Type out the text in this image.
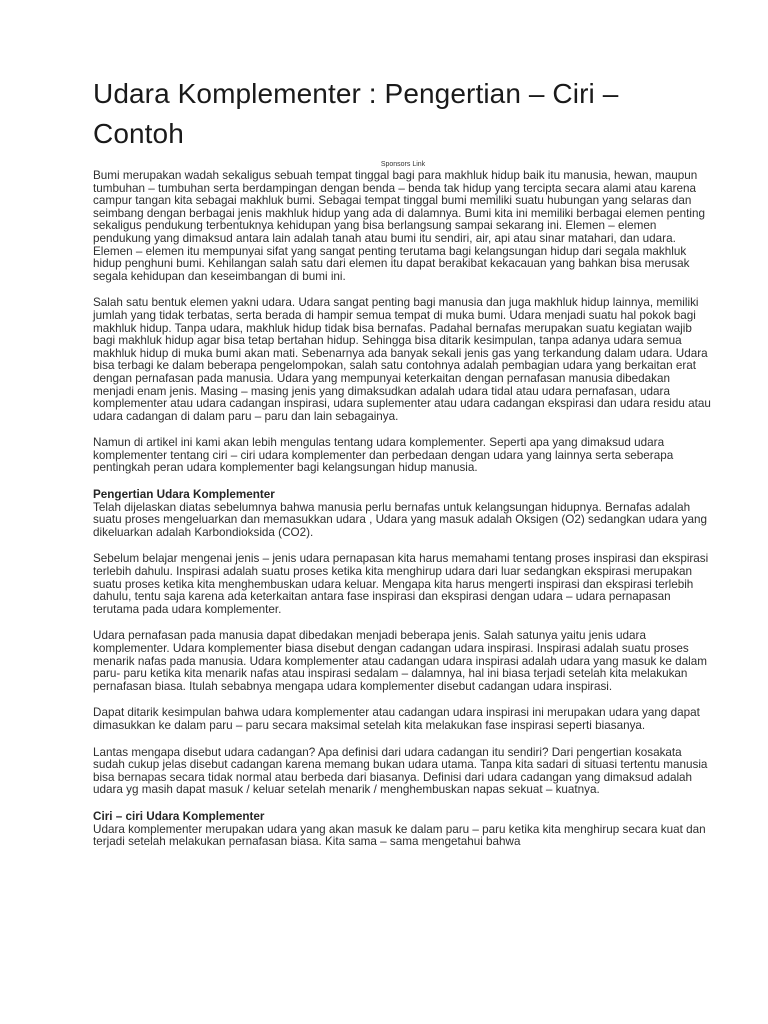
Udara Komplementer : Pengertian – Ciri – Contoh
Sponsors Link

Bumi merupakan wadah sekaligus sebuah tempat tinggal bagi para makhluk hidup baik itu manusia, hewan, maupun tumbuhan – tumbuhan serta berdampingan dengan benda – benda tak hidup yang tercipta secara alami atau karena campur tangan kita sebagai makhluk bumi. Sebagai tempat tinggal bumi memiliki suatu hubungan yang selaras dan seimbang dengan berbagai jenis makhluk hidup yang ada di dalamnya. Bumi kita ini memiliki berbagai elemen penting sekaligus pendukung terbentuknya kehidupan yang bisa berlangsung sampai sekarang ini. Elemen – elemen pendukung yang dimaksud antara lain adalah tanah atau bumi itu sendiri, air, api atau sinar matahari, dan udara. Elemen – elemen itu mempunyai sifat yang sangat penting terutama bagi kelangsungan hidup dari segala makhluk hidup penghuni bumi. Kehilangan salah satu dari elemen itu dapat berakibat kekacauan yang bahkan bisa merusak segala kehidupan dan keseimbangan di bumi ini.

Salah satu bentuk elemen yakni udara. Udara sangat penting bagi manusia dan juga makhluk hidup lainnya, memiliki jumlah yang tidak terbatas, serta berada di hampir semua tempat di muka bumi. Udara menjadi suatu hal pokok bagi makhluk hidup. Tanpa udara, makhluk hidup tidak bisa bernafas. Padahal bernafas merupakan suatu kegiatan wajib bagi makhluk hidup agar bisa tetap bertahan hidup. Sehingga bisa ditarik kesimpulan, tanpa adanya udara semua makhluk hidup di muka bumi akan mati. Sebenarnya ada banyak sekali jenis gas yang terkandung dalam udara. Udara bisa terbagi ke dalam beberapa pengelompokan, salah satu contohnya adalah pembagian udara yang berkaitan erat dengan pernafasan pada manusia. Udara yang mempunyai keterkaitan dengan pernafasan manusia dibedakan menjadi enam jenis. Masing – masing jenis yang dimaksudkan adalah udara tidal atau udara pernafasan, udara komplementer atau udara cadangan inspirasi, udara suplementer atau udara cadangan ekspirasi dan udara residu atau udara cadangan di dalam paru – paru dan lain sebagainya.

Namun di artikel ini kami akan lebih mengulas tentang udara komplementer. Seperti apa yang dimaksud udara komplementer tentang ciri – ciri udara komplementer dan perbedaan dengan udara yang lainnya serta seberapa pentingkah peran udara komplementer bagi kelangsungan hidup manusia.

Pengertian Udara Komplementer
Telah dijelaskan diatas sebelumnya bahwa manusia perlu bernafas untuk kelangsungan hidupnya. Bernafas adalah suatu proses mengeluarkan dan memasukkan udara , Udara yang masuk adalah Oksigen (O2) sedangkan udara yang dikeluarkan adalah Karbondioksida (CO2).

Sebelum belajar mengenai jenis – jenis udara pernapasan kita harus memahami tentang proses inspirasi dan ekspirasi terlebih dahulu. Inspirasi adalah suatu proses ketika kita menghirup udara dari luar sedangkan ekspirasi merupakan suatu proses ketika kita menghembuskan udara keluar. Mengapa kita harus mengerti inspirasi dan ekspirasi terlebih dahulu, tentu saja karena ada keterkaitan antara fase inspirasi dan ekspirasi dengan udara – udara pernapasan terutama pada udara komplementer.

Udara pernafasan pada manusia dapat dibedakan menjadi beberapa jenis. Salah satunya yaitu jenis udara komplementer. Udara komplementer biasa disebut dengan cadangan udara inspirasi. Inspirasi adalah suatu proses menarik nafas pada manusia. Udara komplementer atau cadangan udara inspirasi adalah udara yang masuk ke dalam paru- paru ketika kita menarik nafas atau inspirasi sedalam – dalamnya, hal ini biasa terjadi setelah kita melakukan pernafasan biasa. Itulah sebabnya mengapa udara komplementer disebut cadangan udara inspirasi.

Dapat ditarik kesimpulan bahwa udara komplementer atau cadangan udara inspirasi ini merupakan udara yang dapat dimasukkan ke dalam paru – paru secara maksimal setelah kita melakukan fase inspirasi seperti biasanya.

Lantas mengapa disebut udara cadangan? Apa definisi dari udara cadangan itu sendiri? Dari pengertian kosakata sudah cukup jelas disebut cadangan karena memang bukan udara utama. Tanpa kita sadari di situasi tertentu manusia bisa bernapas secara tidak normal atau berbeda dari biasanya. Definisi dari udara cadangan yang dimaksud adalah udara yg masih dapat masuk / keluar setelah menarik / menghembuskan napas sekuat – kuatnya.

Ciri – ciri Udara Komplementer
Udara komplementer merupakan udara yang akan masuk ke dalam paru – paru ketika kita menghirup secara kuat dan terjadi setelah melakukan pernafasan biasa. Kita sama – sama mengetahui bahwa
